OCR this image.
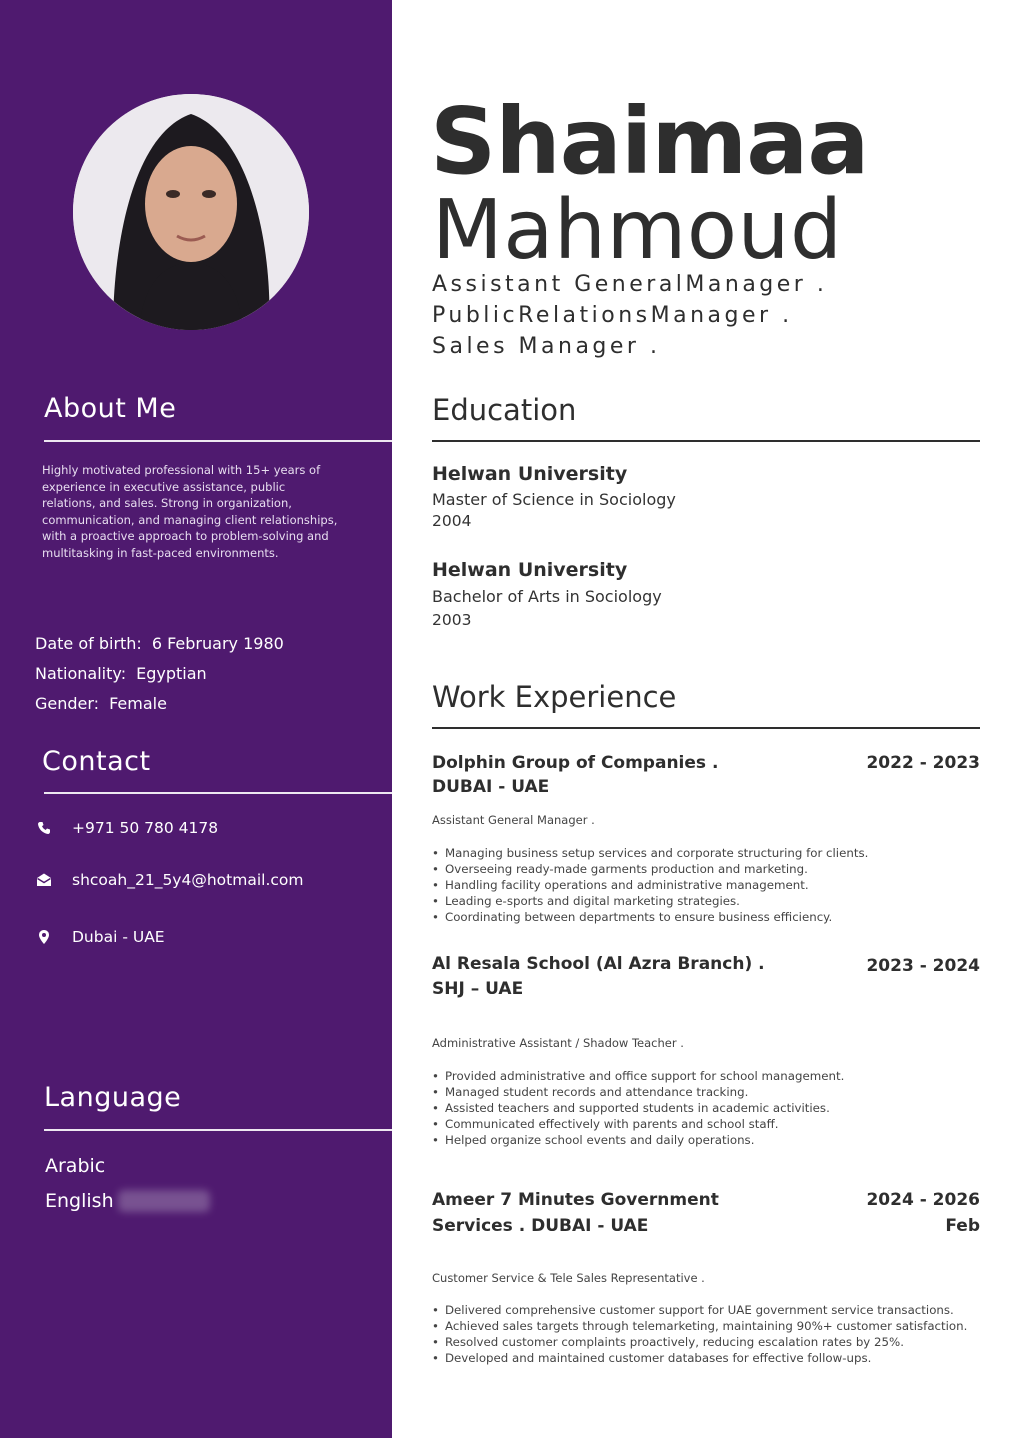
About Me

Highly motivated professional with 15+ years of experience in executive assistance, public relations, and sales. Strong in organization, communication, and managing client relationships, with a proactive approach to problem-solving and multitasking in fast-paced environments.

Date of birth: 6 February 1980
Nationality: Egyptian
Gender: Female
Contact
+971 50 780 4178
shcoah_21_5y4@hotmail.com
Dubai - UAE
Language
Arabic
English
Shaimaa
Mahmoud
Assistant GeneralManager .
PublicRelationsManager .
Sales Manager .
Education
Helwan University
Master of Science in Sociology
2004
Helwan University
Bachelor of Arts in Sociology
2003
Work Experience
Dolphin Group of Companies .
DUBAI - UAE
2022 - 2023
Assistant General Manager .
• Managing business setup services and corporate structuring for clients.
• Overseeing ready-made garments production and marketing.
• Handling facility operations and administrative management.
• Leading e-sports and digital marketing strategies.
• Coordinating between departments to ensure business efficiency.
Al Resala School (Al Azra Branch) .
SHJ – UAE
2023 - 2024
Administrative Assistant / Shadow Teacher .
• Provided administrative and office support for school management.
• Managed student records and attendance tracking.
• Assisted teachers and supported students in academic activities.
• Communicated effectively with parents and school staff.
• Helped organize school events and daily operations.
Ameer 7 Minutes Government
Services . DUBAI - UAE
2024 - 2026
Feb
Customer Service & Tele Sales Representative .
• Delivered comprehensive customer support for UAE government service transactions.
• Achieved sales targets through telemarketing, maintaining 90%+ customer satisfaction.
• Resolved customer complaints proactively, reducing escalation rates by 25%.
• Developed and maintained customer databases for effective follow-ups.
